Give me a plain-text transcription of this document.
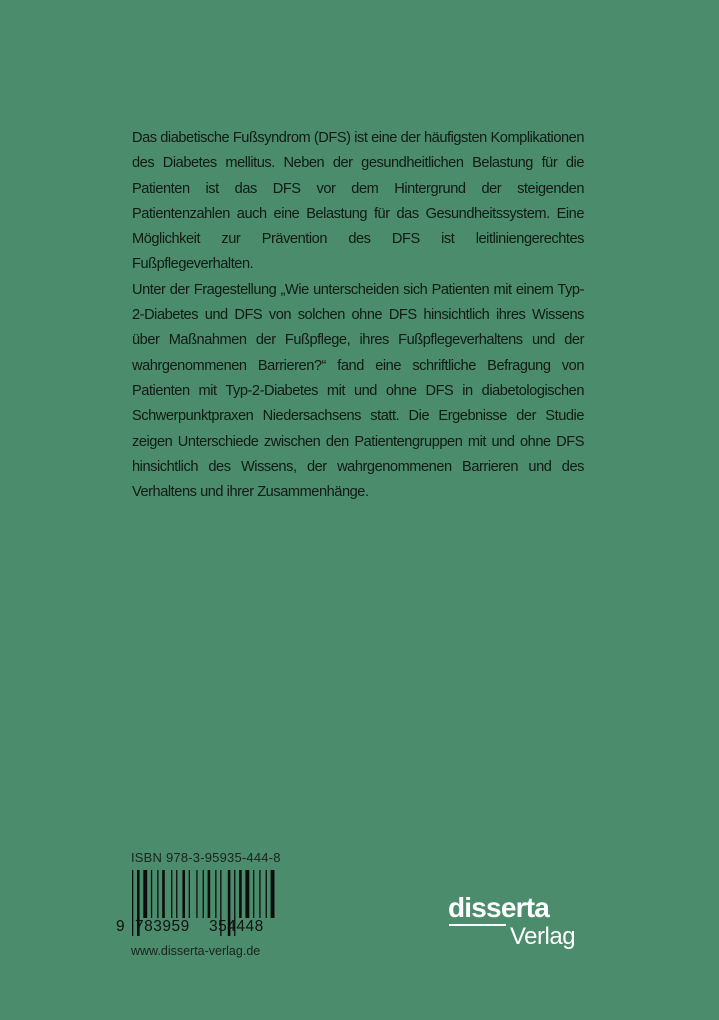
Das diabetische Fußsyndrom (DFS) ist eine der häufigsten Komplikationen des Diabetes mellitus. Neben der gesundheitlichen Belastung für die Patienten ist das DFS vor dem Hintergrund der steigenden Patientenzahlen auch eine Belastung für das Gesundheitssystem. Eine Möglichkeit zur Prävention des DFS ist leitliniengerechtes Fußpflegeverhalten.

Unter der Fragestellung „Wie unterscheiden sich Patienten mit einem Typ-2-Diabetes und DFS von solchen ohne DFS hinsichtlich ihres Wissens über Maßnahmen der Fußpflege, ihres Fußpflegeverhaltens und der wahrgenommenen Barrieren?“ fand eine schriftliche Befragung von Patienten mit Typ-2-Diabetes mit und ohne DFS in diabetologischen Schwerpunktpraxen Niedersachsens statt. Die Ergebnisse der Studie zeigen Unterschiede zwischen den Patientengruppen mit und ohne DFS hinsichtlich des Wissens, der wahrgenommenen Barrieren und des Verhaltens und ihrer Zusammenhänge.

ISBN 978-3-95935-444-8
9 783959 354448
www.disserta-verlag.de
disserta
Verlag
